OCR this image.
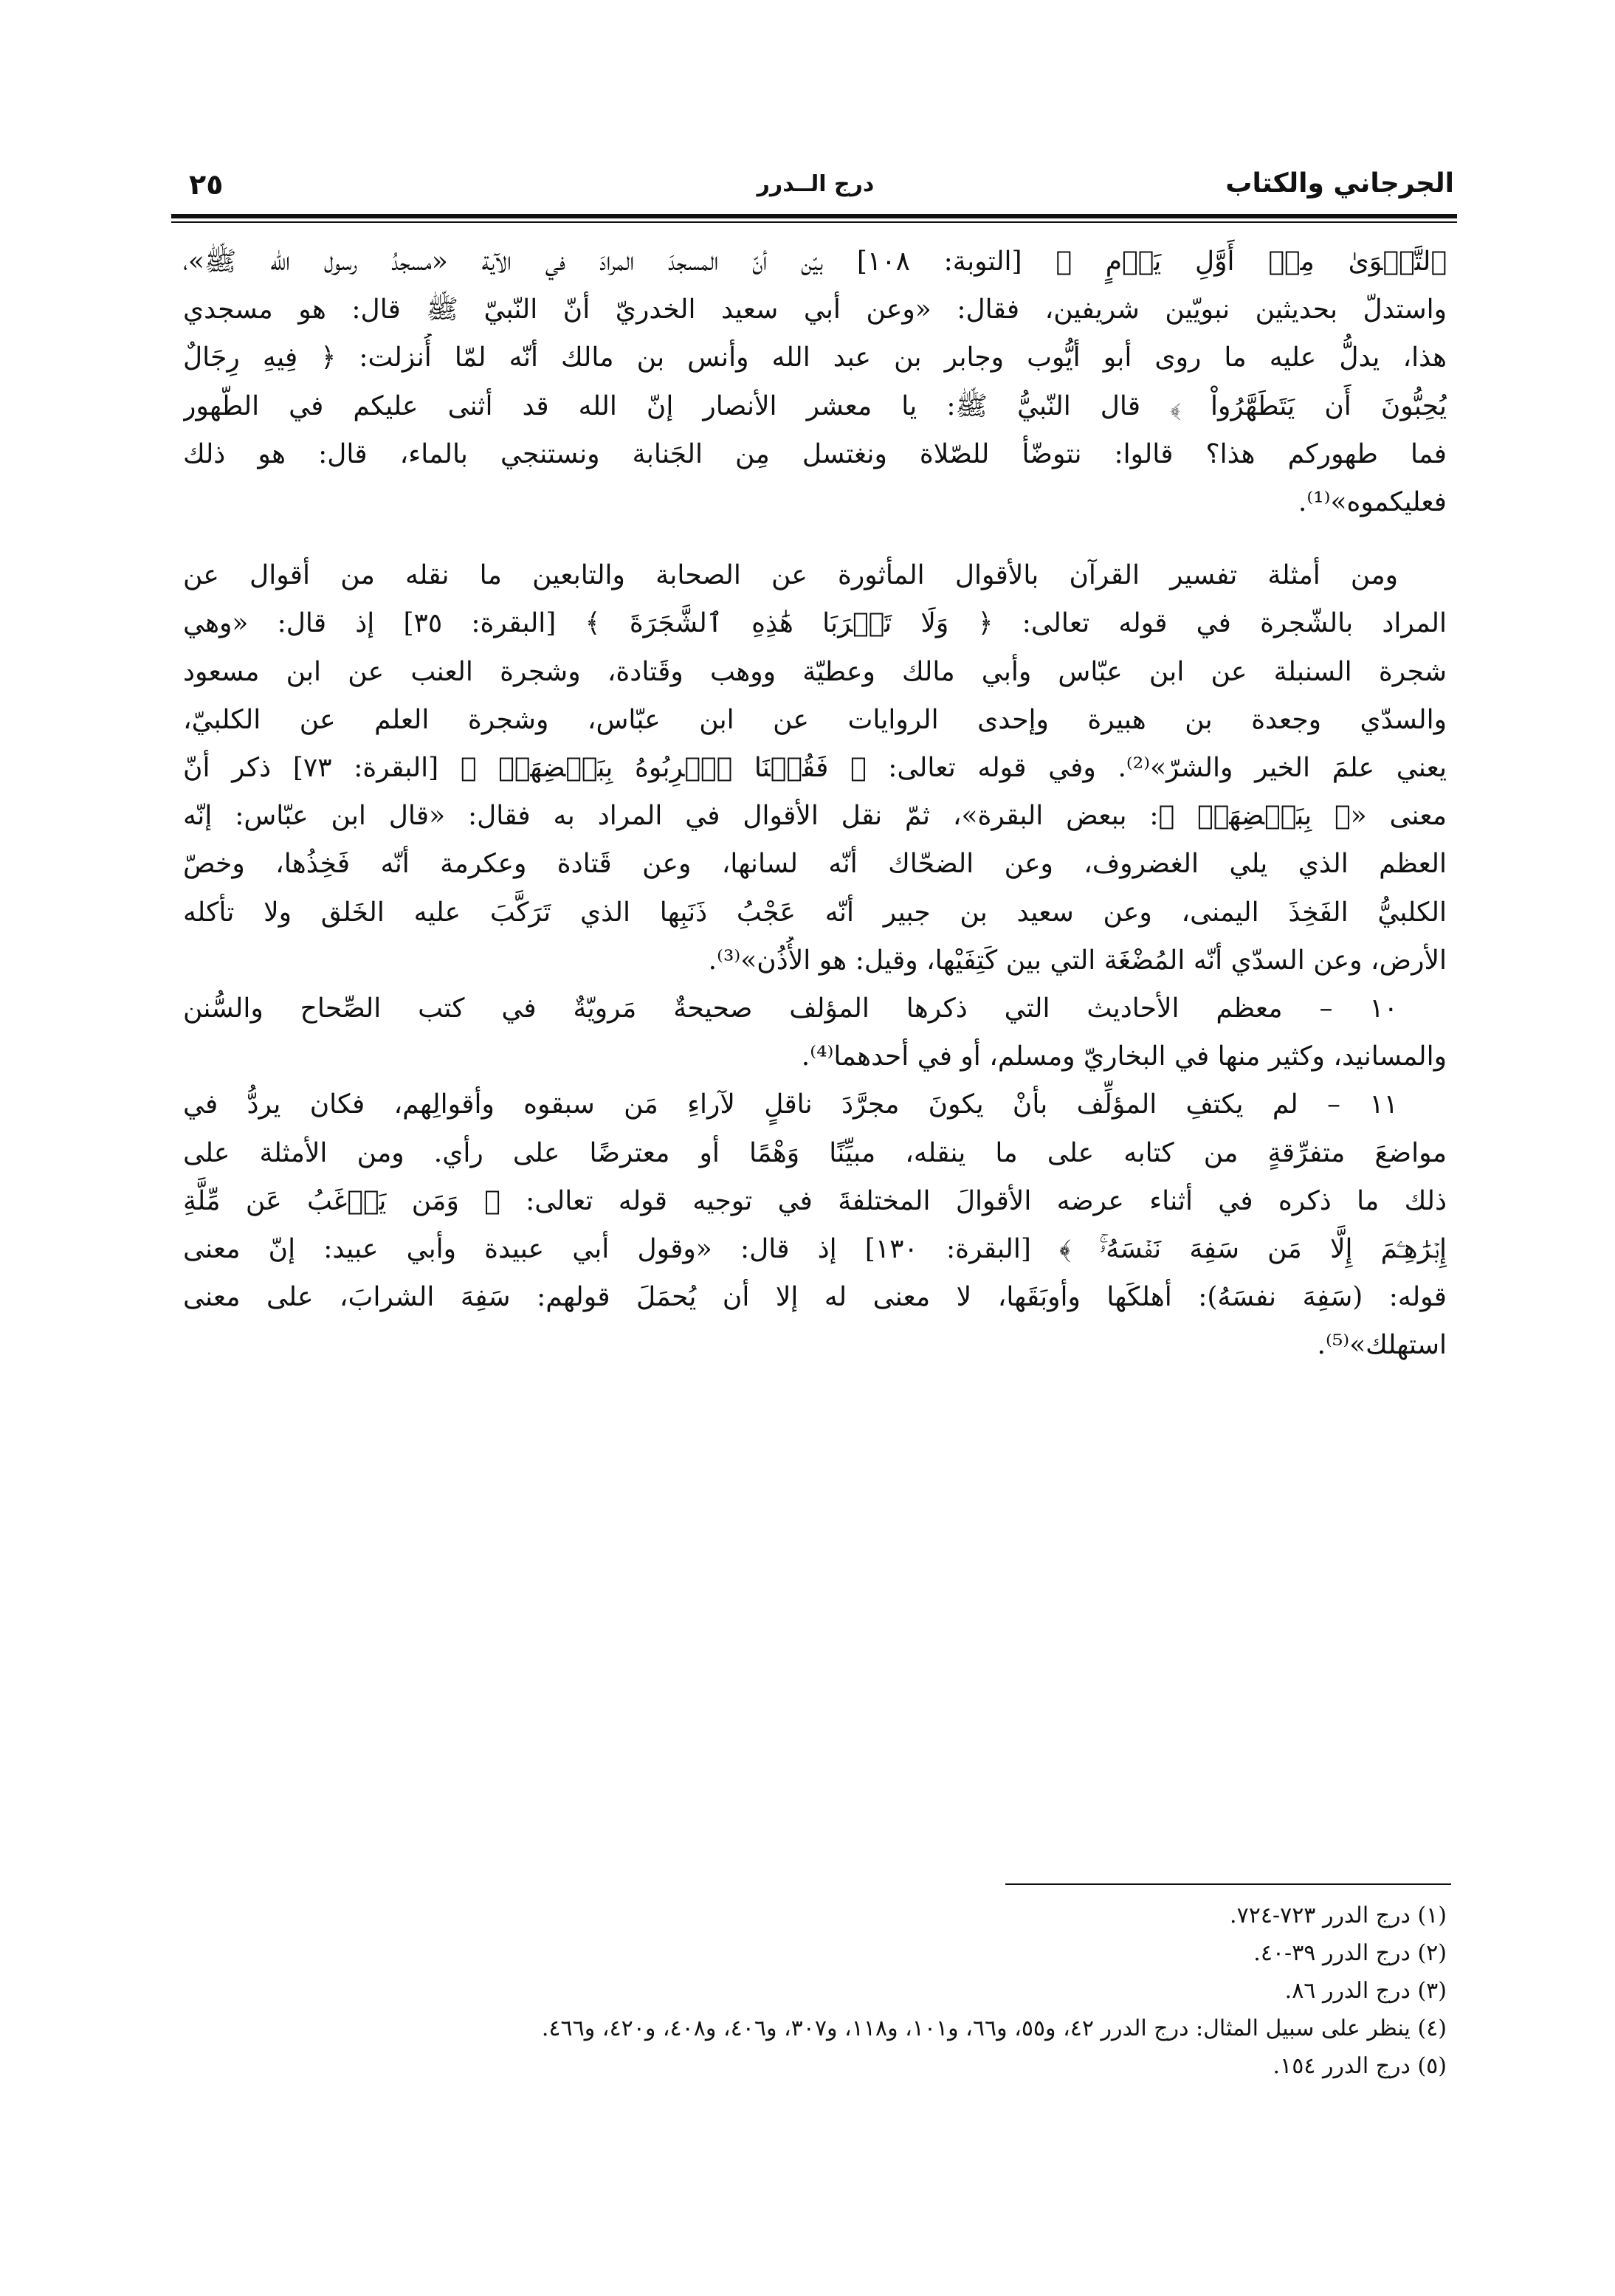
الجرجاني والكتاب
درج الــدرر
٢٥

ﭐلتَّقۡوَىٰ مِنۡ أَوَّلِ يَوۡمٍ ﴾ [التوبة: ١٠٨] بيّن أنّ المسجدَ المرادَ في الآية «مسجدُ رسول الله ﷺ»،
واستدلّ بحديثين نبويّين شريفين، فقال: «وعن أبي سعيد الخدريّ أنّ النّبيّ ﷺ قال: هو مسجدي
هذا، يدلُّ عليه ما روى أبو أيُّوب وجابر بن عبد الله وأنس بن مالك أنّه لمّا أُنزلت: ﴿ فِيهِ رِجَالٌ
يُحِبُّونَ أَن يَتَطَهَّرُواْ ﴾ قال النّبيُّ ﷺ: يا معشر الأنصار إنّ الله قد أثنى عليكم في الطّهور
فما طهوركم هذا؟ قالوا: نتوضّأ للصّلاة ونغتسل مِن الجَنابة ونستنجي بالماء، قال: هو ذلك
فعليكموه»⁽¹⁾.

ومن أمثلة تفسير القرآن بالأقوال المأثورة عن الصحابة والتابعين ما نقله من أقوال عن
المراد بالشّجرة في قوله تعالى: ﴿ وَلَا تَقۡرَبَا هَٰذِهِ ٱلشَّجَرَةَ ﴾ [البقرة: ٣٥] إذ قال: «وهي
شجرة السنبلة عن ابن عبّاس وأبي مالك وعطيّة ووهب وقَتادة، وشجرة العنب عن ابن مسعود
والسدّي وجعدة بن هبيرة وإحدى الروايات عن ابن عبّاس، وشجرة العلم عن الكلبيّ،
يعني علمَ الخير والشرّ»⁽²⁾. وفي قوله تعالى: ﴿ فَقُلۡنَا ٱضۡرِبُوهُ بِبَعۡضِهَاۚ ﴾ [البقرة: ٧٣] ذكر أنّ
معنى «﴿ بِبَعۡضِهَاۚ ﴾: ببعض البقرة»، ثمّ نقل الأقوال في المراد به فقال: «قال ابن عبّاس: إنّه
العظم الذي يلي الغضروف، وعن الضحّاك أنّه لسانها، وعن قَتادة وعكرمة أنّه فَخِذُها، وخصّ
الكلبيُّ الفَخِذَ اليمنى، وعن سعيد بن جبير أنّه عَجْبُ ذَنَبِها الذي تَرَكَّبَ عليه الخَلق ولا تأكله
الأرض، وعن السدّي أنّه المُضْغَة التي بين كَتِفَيْها، وقيل: هو الأُذُن»⁽³⁾.

١٠ – معظم الأحاديث التي ذكرها المؤلف صحيحةٌ مَرويّةٌ في كتب الصِّحاح والسُّنن
والمسانيد، وكثير منها في البخاريّ ومسلم، أو في أحدهما⁽⁴⁾.

١١ – لم يكتفِ المؤلِّف بأنْ يكونَ مجرَّدَ ناقلٍ لآراءِ مَن سبقوه وأقوالِهم، فكان يردُّ في
مواضعَ متفرِّقةٍ من كتابه على ما ينقله، مبيِّنًا وَهْمًا أو معترضًا على رأي. ومن الأمثلة على
ذلك ما ذكره في أثناء عرضه الأقوالَ المختلفةَ في توجيه قوله تعالى: ﴿ وَمَن يَرۡغَبُ عَن مِّلَّةِ
إِبۡرَٰهِـۧمَ إِلَّا مَن سَفِهَ نَفۡسَهُۥۚ ﴾ [البقرة: ١٣٠] إذ قال: «وقول أبي عبيدة وأبي عبيد: إنّ معنى
قوله: (سَفِهَ نفسَهُ): أهلكَها وأوبَقَها، لا معنى له إلا أن يُحمَلَ قولهم: سَفِهَ الشرابَ، على معنى
استهلك»⁽⁵⁾.

(١) درج الدرر ٧٢٣-٧٢٤.
(٢) درج الدرر ٣٩-٤٠.
(٣) درج الدرر ٨٦.
(٤) ينظر على سبيل المثال: درج الدرر ٤٢، و٥٥، و٦٦، و١٠١، و١١٨، و٣٠٧، و٤٠٦، و٤٠٨، و٤٢٠، و٤٦٦.
(٥) درج الدرر ١٥٤.
